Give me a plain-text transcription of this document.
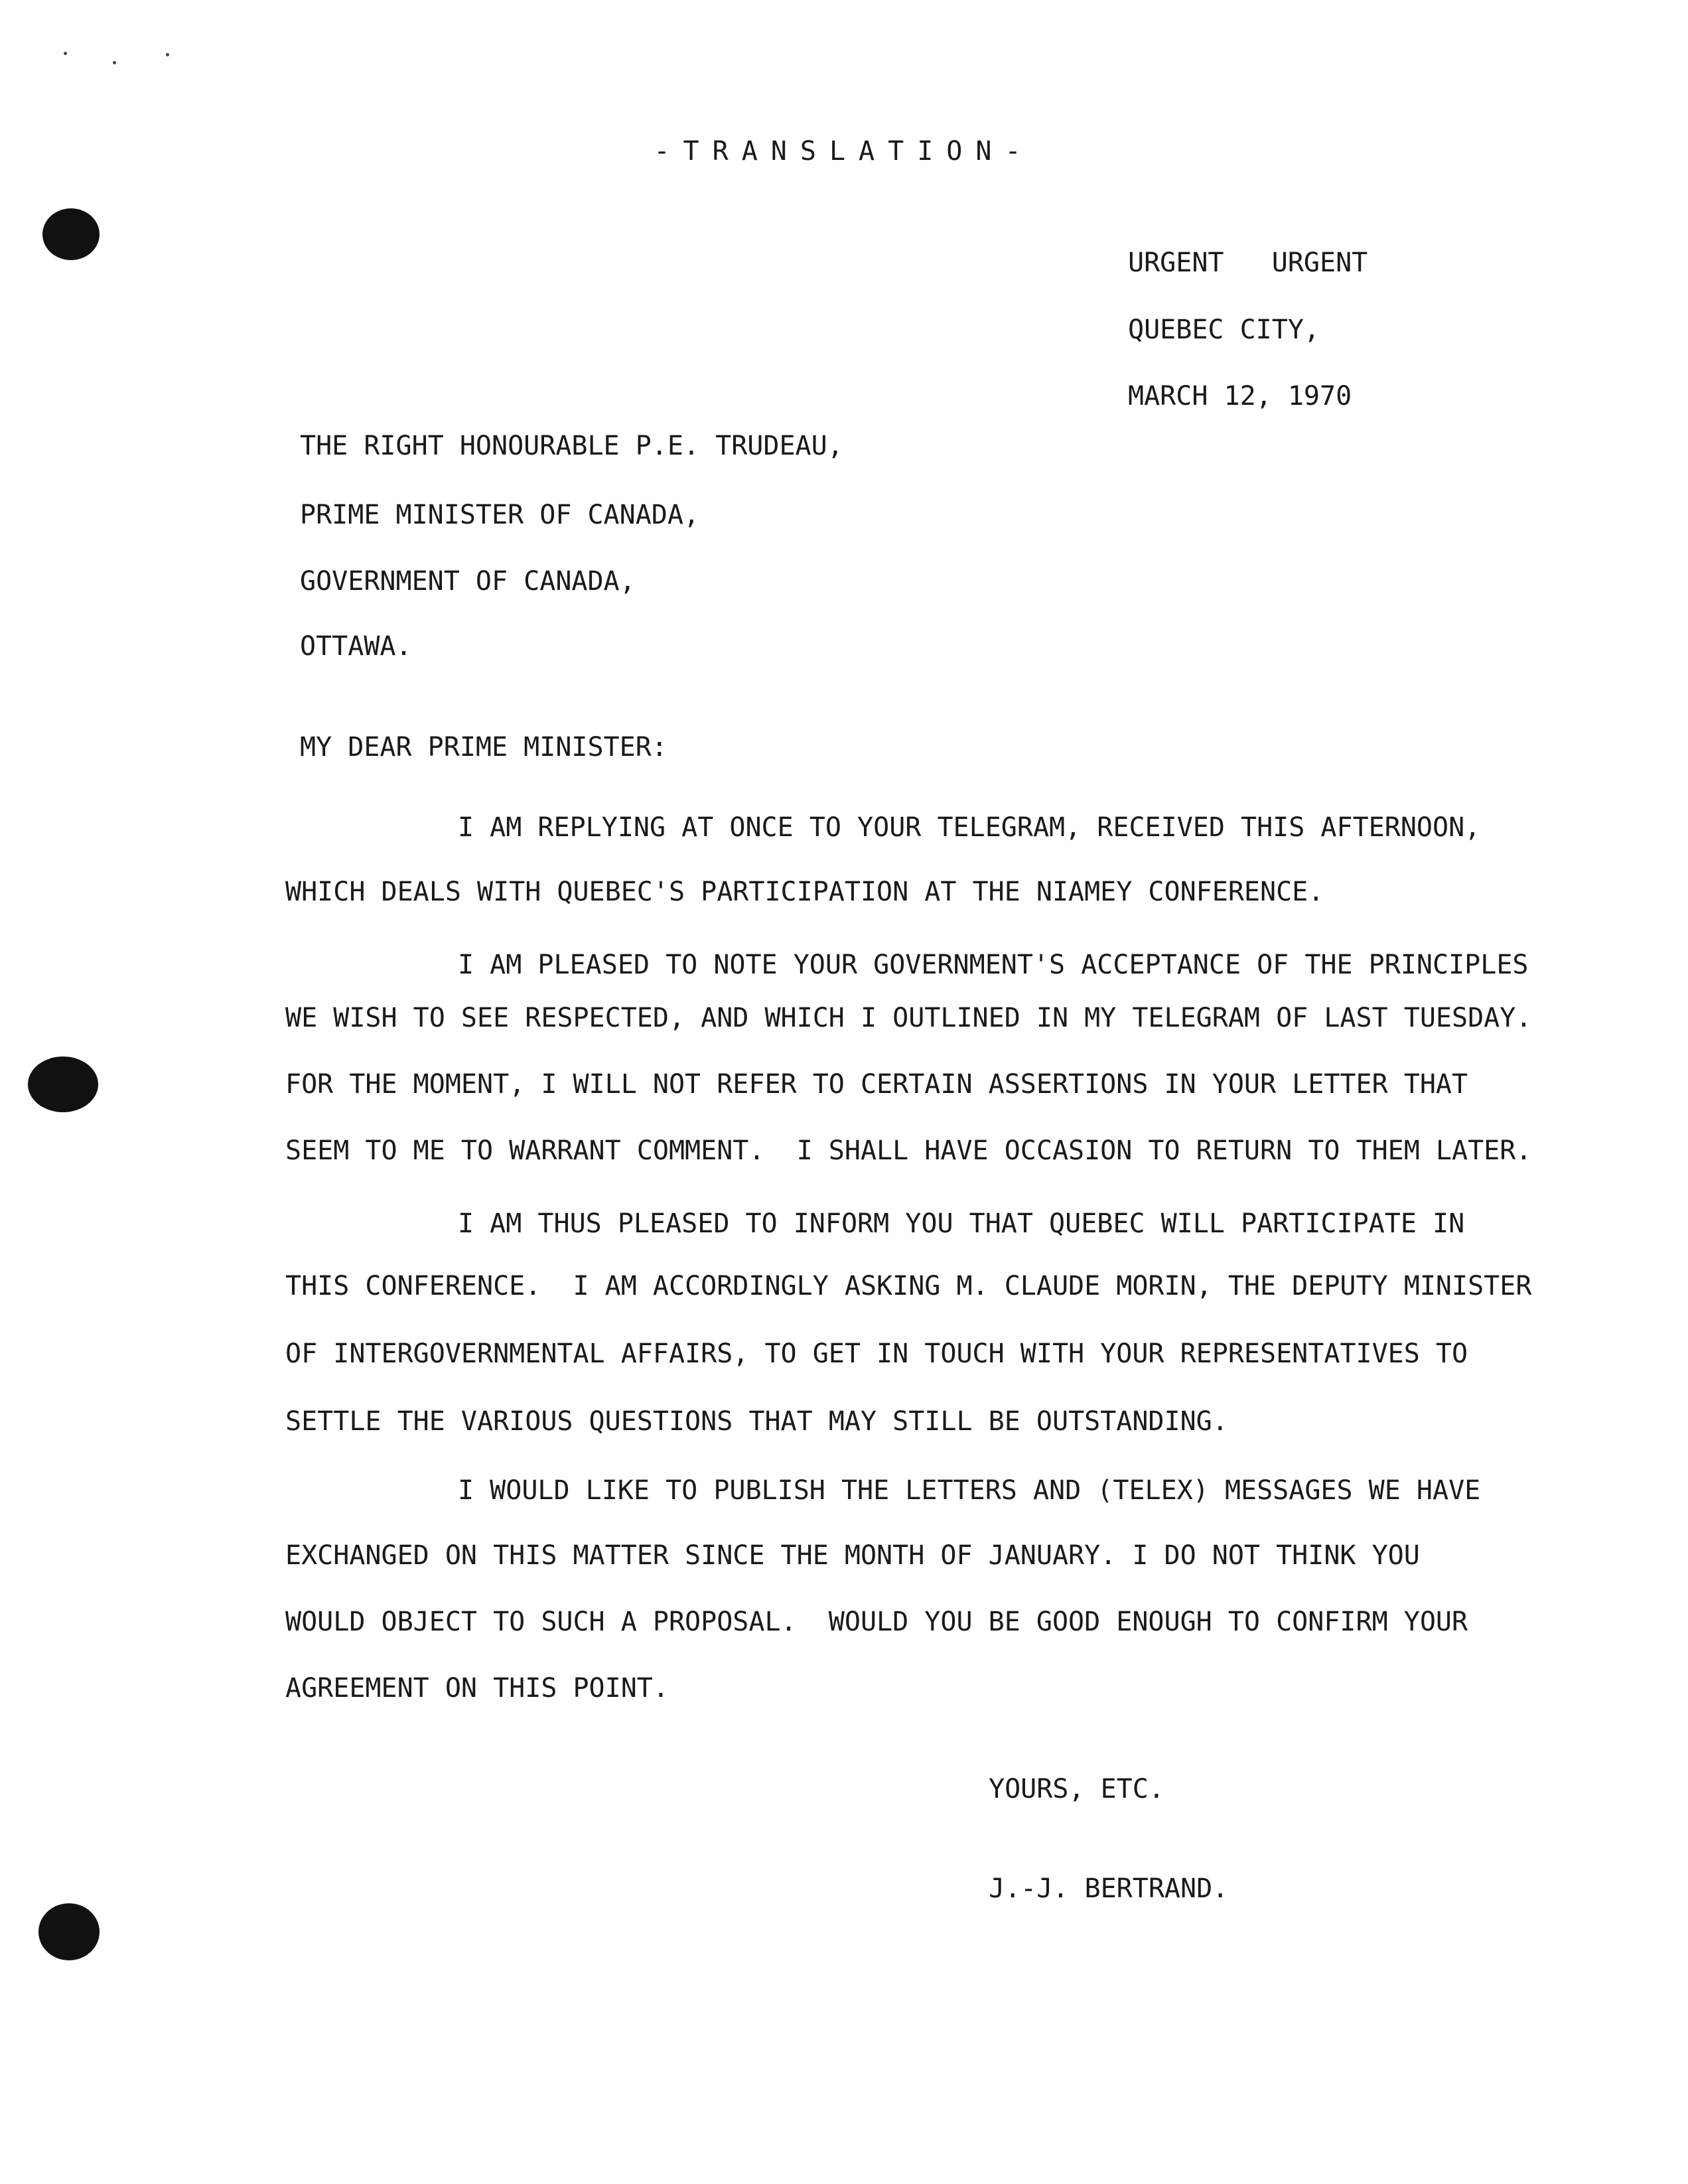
-TRANSLATION-
URGENT   URGENT
QUEBEC CITY,
MARCH 12, 1970
THE RIGHT HONOURABLE P.E. TRUDEAU,
PRIME MINISTER OF CANADA,
GOVERNMENT OF CANADA,
OTTAWA.
MY DEAR PRIME MINISTER:
I AM REPLYING AT ONCE TO YOUR TELEGRAM, RECEIVED THIS AFTERNOON,
WHICH DEALS WITH QUEBEC'S PARTICIPATION AT THE NIAMEY CONFERENCE.
I AM PLEASED TO NOTE YOUR GOVERNMENT'S ACCEPTANCE OF THE PRINCIPLES
WE WISH TO SEE RESPECTED, AND WHICH I OUTLINED IN MY TELEGRAM OF LAST TUESDAY.
FOR THE MOMENT, I WILL NOT REFER TO CERTAIN ASSERTIONS IN YOUR LETTER THAT
SEEM TO ME TO WARRANT COMMENT.  I SHALL HAVE OCCASION TO RETURN TO THEM LATER.
I AM THUS PLEASED TO INFORM YOU THAT QUEBEC WILL PARTICIPATE IN
THIS CONFERENCE.  I AM ACCORDINGLY ASKING M. CLAUDE MORIN, THE DEPUTY MINISTER
OF INTERGOVERNMENTAL AFFAIRS, TO GET IN TOUCH WITH YOUR REPRESENTATIVES TO
SETTLE THE VARIOUS QUESTIONS THAT MAY STILL BE OUTSTANDING.
I WOULD LIKE TO PUBLISH THE LETTERS AND (TELEX) MESSAGES WE HAVE
EXCHANGED ON THIS MATTER SINCE THE MONTH OF JANUARY. I DO NOT THINK YOU
WOULD OBJECT TO SUCH A PROPOSAL.  WOULD YOU BE GOOD ENOUGH TO CONFIRM YOUR
AGREEMENT ON THIS POINT.
YOURS, ETC.
J.-J. BERTRAND.
